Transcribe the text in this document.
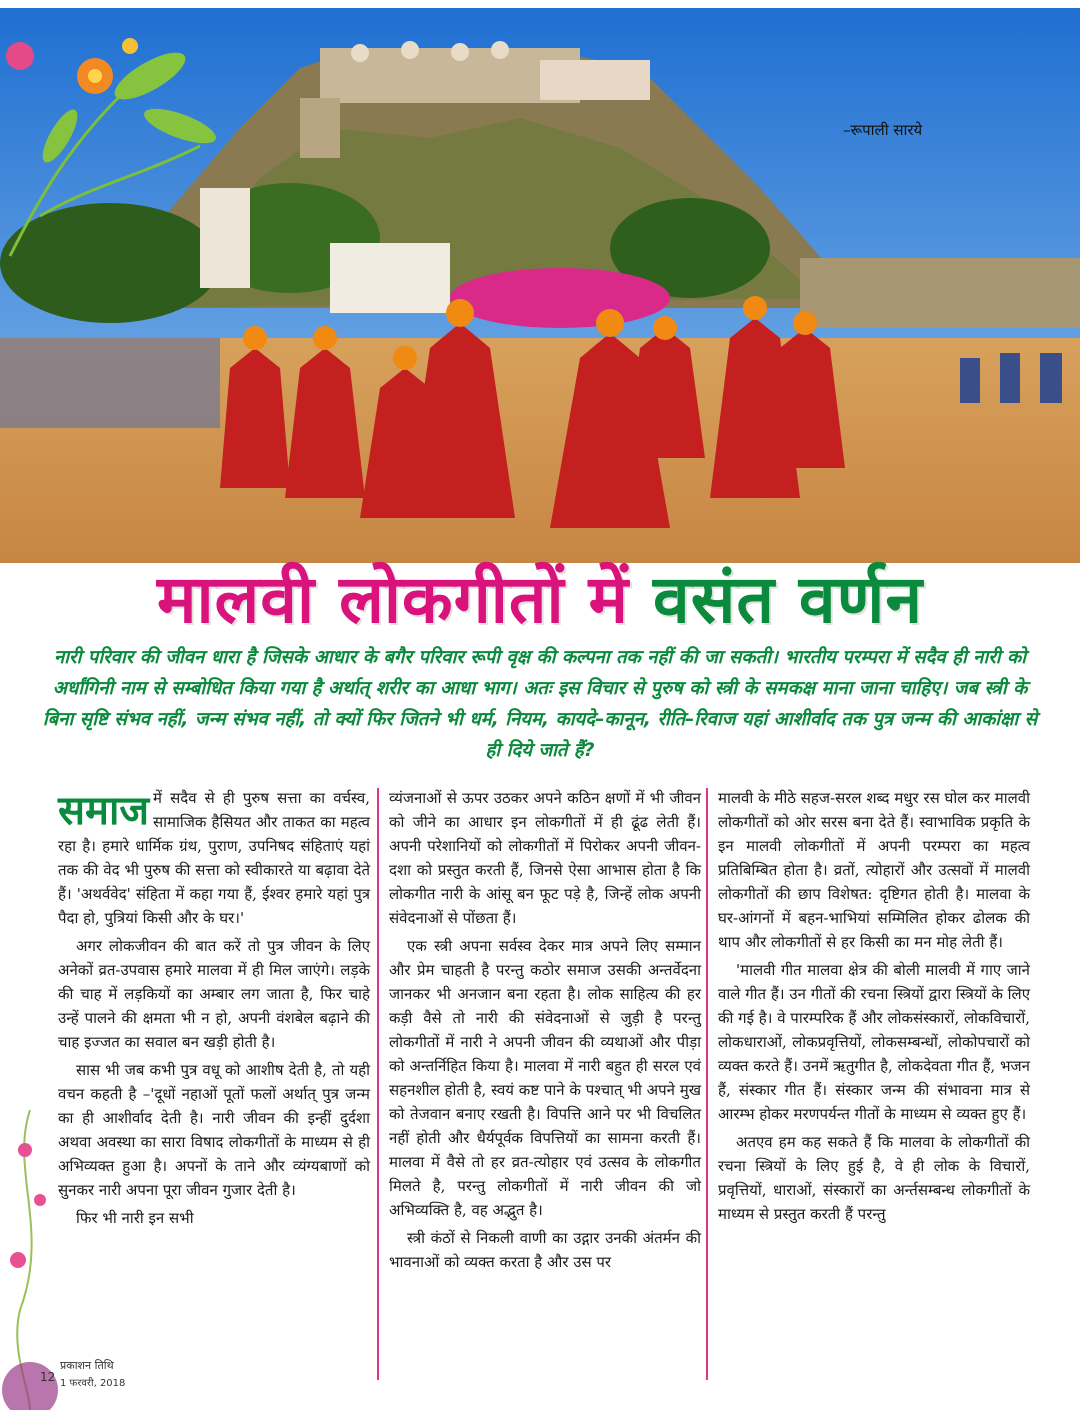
–रूपाली सारये
मालवी लोकगीतों में वसंत वर्णन
नारी परिवार की जीवन धारा है जिसके आधार के बगैर परिवार रूपी वृक्ष की कल्पना तक नहीं की जा सकती। भारतीय परम्परा में सदैव ही नारी को अर्धांगिनी नाम से सम्बोधित किया गया है अर्थात् शरीर का आधा भाग। अतः इस विचार से पुरुष को स्त्री के समकक्ष माना जाना चाहिए। जब स्त्री के बिना सृष्टि संभव नहीं, जन्म संभव नहीं, तो क्यों फिर जितने भी धर्म, नियम, कायदे–कानून, रीति–रिवाज यहां आशीर्वाद तक पुत्र जन्म की आकांक्षा से ही दिये जाते हैं?

समाज में सदैव से ही पुरुष सत्ता का वर्चस्व, सामाजिक हैसियत और ताकत का महत्व रहा है। हमारे धार्मिक ग्रंथ, पुराण, उपनिषद संहिताएं यहां तक की वेद भी पुरुष की सत्ता को स्वीकारते या बढ़ावा देते हैं। 'अथर्ववेद' संहिता में कहा गया हैं, ईश्वर हमारे यहां पुत्र पैदा हो, पुत्रियां किसी और के घर।'

अगर लोकजीवन की बात करें तो पुत्र जीवन के लिए अनेकों व्रत-उपवास हमारे मालवा में ही मिल जाएंगे। लड़के की चाह में लड़कियों का अम्बार लग जाता है, फिर चाहे उन्हें पालने की क्षमता भी न हो, अपनी वंशबेल बढ़ाने की चाह इज्जत का सवाल बन खड़ी होती है।

सास भी जब कभी पुत्र वधू को आशीष देती है, तो यही वचन कहती है –'दूधों नहाओं पूतों फलों अर्थात् पुत्र जन्म का ही आशीर्वाद देती है। नारी जीवन की इन्हीं दुर्दशा अथवा अवस्था का सारा विषाद लोकगीतों के माध्यम से ही अभिव्यक्त हुआ है। अपनों के ताने और व्यंग्यबाणों को सुनकर नारी अपना पूरा जीवन गुजार देती है।

फिर भी नारी इन सभी

व्यंजनाओं से ऊपर उठकर अपने कठिन क्षणों में भी जीवन को जीने का आधार इन लोकगीतों में ही ढूंढ लेती हैं। अपनी परेशानियों को लोकगीतों में पिरोकर अपनी जीवन-दशा को प्रस्तुत करती हैं, जिनसे ऐसा आभास होता है कि लोकगीत नारी के आंसू बन फूट पड़े है, जिन्हें लोक अपनी संवेदनाओं से पोंछता हैं।

एक स्त्री अपना सर्वस्व देकर मात्र अपने लिए सम्मान और प्रेम चाहती है परन्तु कठोर समाज उसकी अन्तर्वेदना जानकर भी अनजान बना रहता है। लोक साहित्य की हर कड़ी वैसे तो नारी की संवेदनाओं से जुड़ी है परन्तु लोकगीतों में नारी ने अपनी जीवन की व्यथाओं और पीड़ा को अन्तर्निहित किया है। मालवा में नारी बहुत ही सरल एवं सहनशील होती है, स्वयं कष्ट पाने के पश्चात् भी अपने मुख को तेजवान बनाए रखती है। विपत्ति आने पर भी विचलित नहीं होती और धैर्यपूर्वक विपत्तियों का सामना करती हैं। मालवा में वैसे तो हर व्रत-त्योहार एवं उत्सव के लोकगीत मिलते है, परन्तु लोकगीतों में नारी जीवन की जो अभिव्यक्ति है, वह अद्भुत है।

स्त्री कंठों से निकली वाणी का उद्गार उनकी अंतर्मन की भावनाओं को व्यक्त करता है और उस पर

मालवी के मीठे सहज-सरल शब्द मधुर रस घोल कर मालवी लोकगीतों को ओर सरस बना देते हैं। स्वाभाविक प्रकृति के इन मालवी लोकगीतों में अपनी परम्परा का महत्व प्रतिबिम्बित होता है। व्रतों, त्योहारों और उत्सवों में मालवी लोकगीतों की छाप विशेषत: दृष्टिगत होती है। मालवा के घर-आंगनों में बहन-भाभियां सम्मिलित होकर ढोलक की थाप और लोकगीतों से हर किसी का मन मोह लेती हैं।

'मालवी गीत मालवा क्षेत्र की बोली मालवी में गाए जाने वाले गीत हैं। उन गीतों की रचना स्त्रियों द्वारा स्त्रियों के लिए की गई है। वे पारम्परिक हैं और लोकसंस्कारों, लोकविचारों, लोकधाराओं, लोकप्रवृत्तियों, लोकसम्बन्धों, लोकोपचारों को व्यक्त करते हैं। उनमें ऋतुगीत है, लोकदेवता गीत हैं, भजन हैं, संस्कार गीत हैं। संस्कार जन्म की संभावना मात्र से आरम्भ होकर मरणपर्यन्त गीतों के माध्यम से व्यक्त हुए हैं।

अतएव हम कह सकते हैं कि मालवा के लोकगीतों की रचना स्त्रियों के लिए हुई है, वे ही लोक के विचारों, प्रवृत्तियों, धाराओं, संस्कारों का अर्न्तसम्बन्ध लोकगीतों के माध्यम से प्रस्तुत करती हैं परन्तु

12
प्रकाशन तिथि
1 फरवरी, 2018
